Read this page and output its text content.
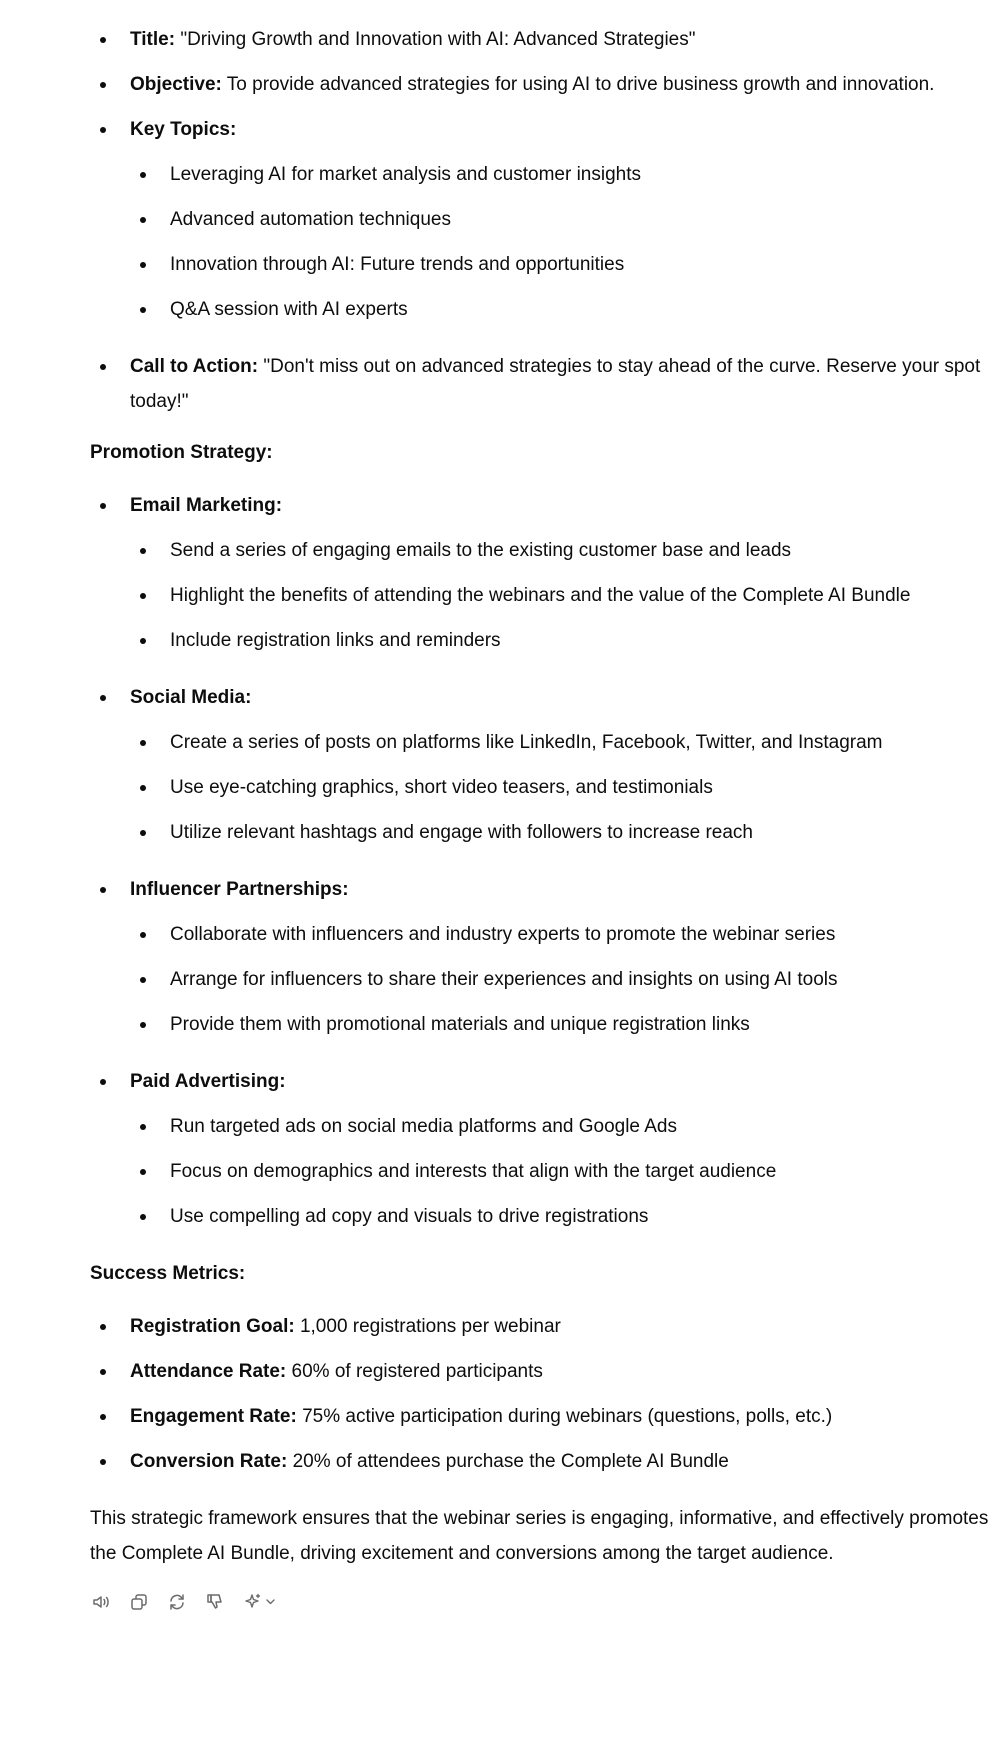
Title: "Driving Growth and Innovation with AI: Advanced Strategies"
Objective: To provide advanced strategies for using AI to drive business growth and innovation.
Key Topics:
Leveraging AI for market analysis and customer insights
Advanced automation techniques
Innovation through AI: Future trends and opportunities
Q&A session with AI experts
Call to Action: "Don't miss out on advanced strategies to stay ahead of the curve. Reserve your spot today!"
Promotion Strategy:
Email Marketing:
Send a series of engaging emails to the existing customer base and leads
Highlight the benefits of attending the webinars and the value of the Complete AI Bundle
Include registration links and reminders
Social Media:
Create a series of posts on platforms like LinkedIn, Facebook, Twitter, and Instagram
Use eye-catching graphics, short video teasers, and testimonials
Utilize relevant hashtags and engage with followers to increase reach
Influencer Partnerships:
Collaborate with influencers and industry experts to promote the webinar series
Arrange for influencers to share their experiences and insights on using AI tools
Provide them with promotional materials and unique registration links
Paid Advertising:
Run targeted ads on social media platforms and Google Ads
Focus on demographics and interests that align with the target audience
Use compelling ad copy and visuals to drive registrations
Success Metrics:
Registration Goal: 1,000 registrations per webinar
Attendance Rate: 60% of registered participants
Engagement Rate: 75% active participation during webinars (questions, polls, etc.)
Conversion Rate: 20% of attendees purchase the Complete AI Bundle

This strategic framework ensures that the webinar series is engaging, informative, and effectively promotes the Complete AI Bundle, driving excitement and conversions among the target audience.
